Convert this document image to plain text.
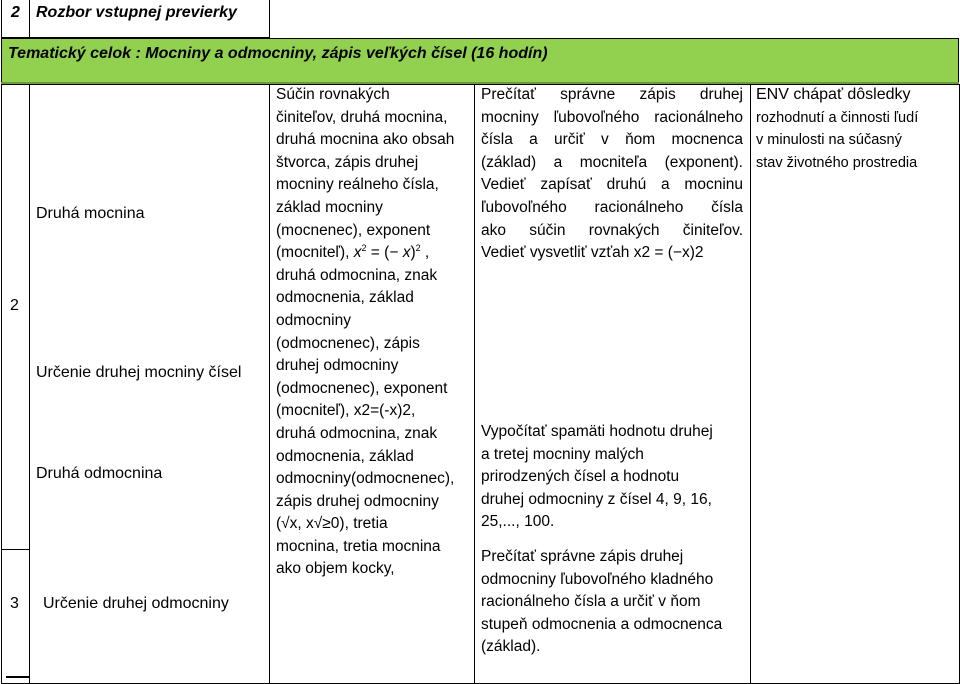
2 Rozbor vstupnej previerky
Tematický celok : Mocniny a odmocniny, zápis veľkých čísel (16 hodín)
2
3
Druhá mocnina
Určenie druhej mocniny čísel
Druhá odmocnina
Určenie druhej odmocniny
Súčin rovnakých
činiteľov, druhá mocnina,
druhá mocnina ako obsah
štvorca, zápis druhej
mocniny reálneho čísla,
základ mocniny
(mocnenec), exponent
(mocniteľ), $x^2$ = (− x)$^2$ ,
druhá odmocnina, znak
odmocnenia, základ
odmocniny
(odmocnenec), zápis
druhej odmocniny
(odmocnenec), exponent
(mocniteľ), x2=(-x)2,
druhá odmocnina, znak
odmocnenia, základ
odmocniny(odmocnenec),
zápis druhej odmocniny
(√x, x√≥0), tretia
mocnina, tretia mocnina
ako objem kocky,
Prečítať správne zápis druhej
mocniny ľubovoľného racionálneho
čísla a určiť v ňom mocnenca
(základ) a mocniteľa (exponent).
Vedieť zapísať druhú a mocninu
ľubovoľného racionálneho čísla
ako súčin rovnakých činiteľov.
Vedieť vysvetliť vzťah x2 = (−x)2
Vypočítať spamäti hodnotu druhej
a tretej mocniny malých
prirodzených čísel a hodnotu
druhej odmocniny z čísel 4, 9, 16,
25,..., 100.
Prečítať správne zápis druhej
odmocniny ľubovoľného kladného
racionálneho čísla a určiť v ňom
stupeň odmocnenia a odmocnenca
(základ).
ENV chápať dôsledky
rozhodnutí a činnosti ľudí
v minulosti na súčasný
stav životného prostredia
